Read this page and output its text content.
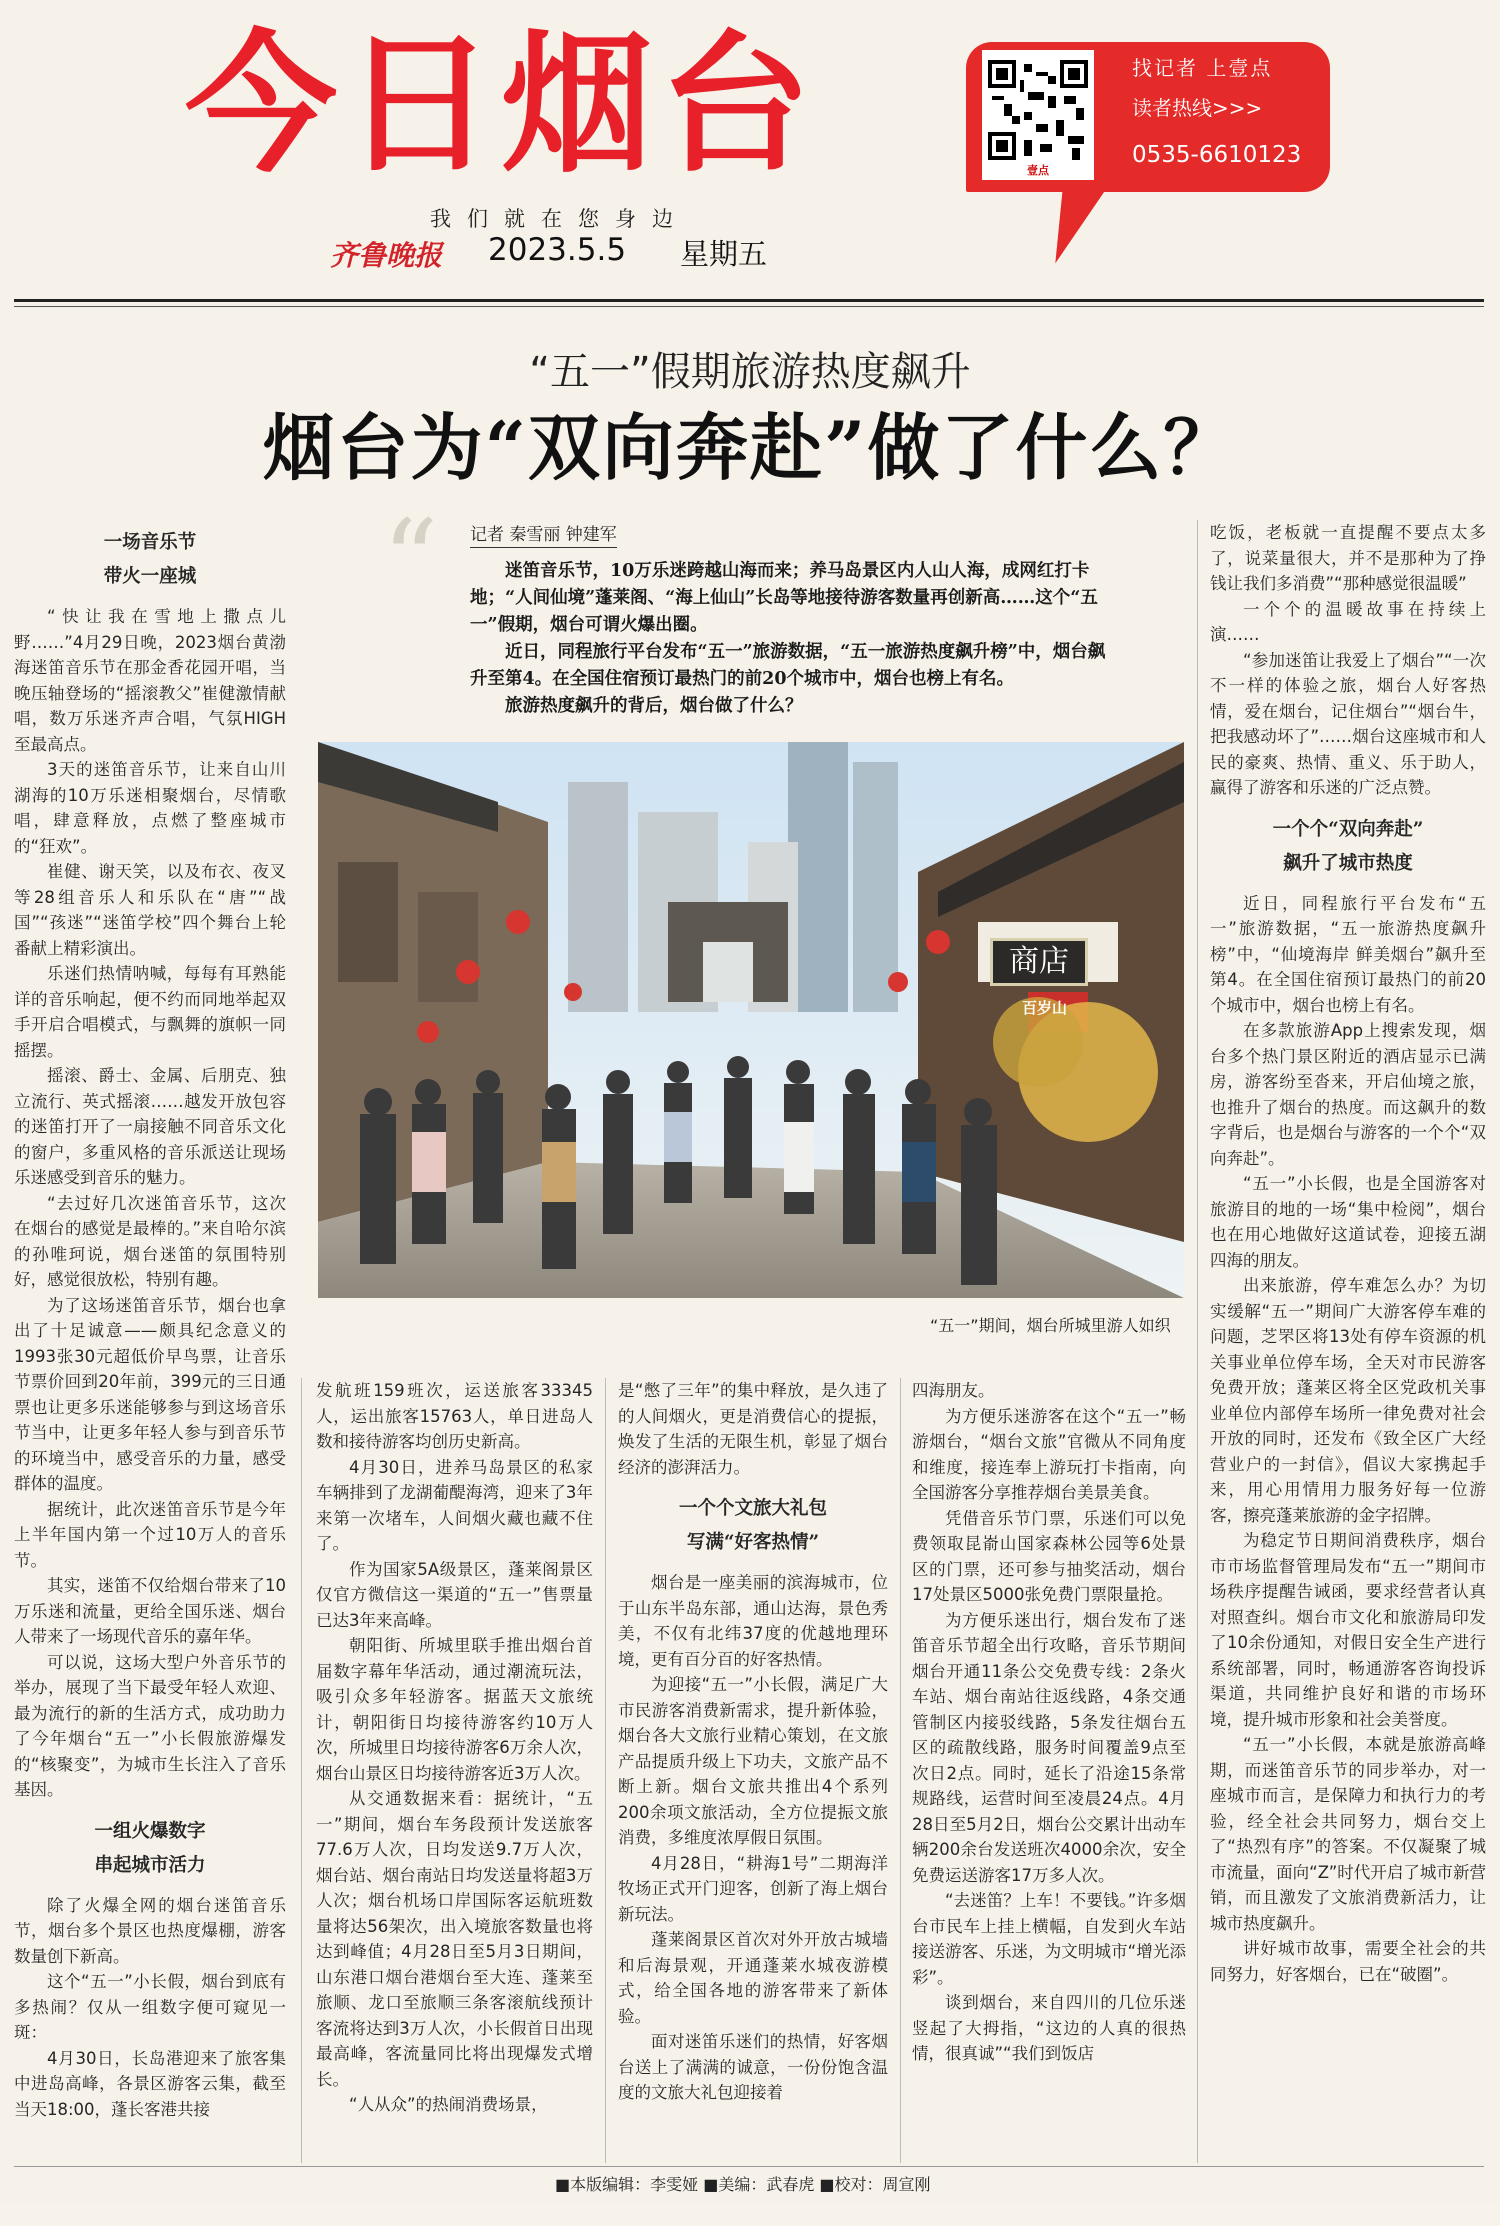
今日烟台
我们就在您身边
齐鲁晚报 2023.5.5 星期五
壹点
找记者 上壹点
读者热线>>>
0535-6610123
“五一”假期旅游热度飙升
烟台为“双向奔赴”做了什么？
“ 记者 秦雪丽 钟建军

迷笛音乐节，10万乐迷跨越山海而来；养马岛景区内人山人海，成网红打卡地；“人间仙境”蓬莱阁、“海上仙山”长岛等地接待游客数量再创新高……这个“五一”假期，烟台可谓火爆出圈。

近日，同程旅行平台发布“五一”旅游数据，“五一旅游热度飙升榜”中，烟台飙升至第4。在全国住宿预订最热门的前20个城市中，烟台也榜上有名。

旅游热度飙升的背后，烟台做了什么？

商店
百岁山
“五一”期间，烟台所城里游人如织

一场音乐节

带火一座城

“快让我在雪地上撒点儿野……”4月29日晚，2023烟台黄渤海迷笛音乐节在那金香花园开唱，当晚压轴登场的“摇滚教父”崔健激情献唱，数万乐迷齐声合唱，气氛HIGH至最高点。

3天的迷笛音乐节，让来自山川湖海的10万乐迷相聚烟台，尽情歌唱，肆意释放，点燃了整座城市的“狂欢”。

崔健、谢天笑，以及布衣、夜叉等28组音乐人和乐队在“唐”“战国”“孩迷”“迷笛学校”四个舞台上轮番献上精彩演出。

乐迷们热情呐喊，每每有耳熟能详的音乐响起，便不约而同地举起双手开启合唱模式，与飘舞的旗帜一同摇摆。

摇滚、爵士、金属、后朋克、独立流行、英式摇滚……越发开放包容的迷笛打开了一扇接触不同音乐文化的窗户，多重风格的音乐派送让现场乐迷感受到音乐的魅力。

“去过好几次迷笛音乐节，这次在烟台的感觉是最棒的。”来自哈尔滨的孙唯珂说，烟台迷笛的氛围特别好，感觉很放松，特别有趣。

为了这场迷笛音乐节，烟台也拿出了十足诚意——颇具纪念意义的1993张30元超低价早鸟票，让音乐节票价回到20年前，399元的三日通票也让更多乐迷能够参与到这场音乐节当中，让更多年轻人参与到音乐节的环境当中，感受音乐的力量，感受群体的温度。

据统计，此次迷笛音乐节是今年上半年国内第一个过10万人的音乐节。

其实，迷笛不仅给烟台带来了10万乐迷和流量，更给全国乐迷、烟台人带来了一场现代音乐的嘉年华。

可以说，这场大型户外音乐节的举办，展现了当下最受年轻人欢迎、最为流行的新的生活方式，成功助力了今年烟台“五一”小长假旅游爆发的“核聚变”，为城市生长注入了音乐基因。

一组火爆数字

串起城市活力

除了火爆全网的烟台迷笛音乐节，烟台多个景区也热度爆棚，游客数量创下新高。

这个“五一”小长假，烟台到底有多热闹？仅从一组数字便可窥见一斑：

4月30日，长岛港迎来了旅客集中进岛高峰，各景区游客云集，截至当天18:00，蓬长客港共接

发航班159班次，运送旅客33345人，运出旅客15763人，单日进岛人数和接待游客均创历史新高。

4月30日，进养马岛景区的私家车辆排到了龙湖葡醍海湾，迎来了3年来第一次堵车，人间烟火藏也藏不住了。

作为国家5A级景区，蓬莱阁景区仅官方微信这一渠道的“五一”售票量已达3年来高峰。

朝阳街、所城里联手推出烟台首届数字幕年华活动，通过潮流玩法，吸引众多年轻游客。据蓝天文旅统计，朝阳街日均接待游客约10万人次，所城里日均接待游客6万余人次，烟台山景区日均接待游客近3万人次。

从交通数据来看：据统计，“五一”期间，烟台车务段预计发送旅客77.6万人次，日均发送9.7万人次，烟台站、烟台南站日均发送量将超3万人次；烟台机场口岸国际客运航班数量将达56架次，出入境旅客数量也将达到峰值；4月28日至5月3日期间，山东港口烟台港烟台至大连、蓬莱至旅顺、龙口至旅顺三条客滚航线预计客流将达到3万人次，小长假首日出现最高峰，客流量同比将出现爆发式增长。

“人从众”的热闹消费场景，

是“憋了三年”的集中释放，是久违了的人间烟火，更是消费信心的提振，焕发了生活的无限生机，彰显了烟台经济的澎湃活力。

一个个文旅大礼包

写满“好客热情”

烟台是一座美丽的滨海城市，位于山东半岛东部，通山达海，景色秀美，不仅有北纬37度的优越地理环境，更有百分百的好客热情。

为迎接“五一”小长假，满足广大市民游客消费新需求，提升新体验，烟台各大文旅行业精心策划，在文旅产品提质升级上下功夫，文旅产品不断上新。烟台文旅共推出4个系列200余项文旅活动，全方位提振文旅消费，多维度浓厚假日氛围。

4月28日，“耕海1号”二期海洋牧场正式开门迎客，创新了海上烟台新玩法。

蓬莱阁景区首次对外开放古城墙和后海景观，开通蓬莱水城夜游模式，给全国各地的游客带来了新体验。

面对迷笛乐迷们的热情，好客烟台送上了满满的诚意，一份份饱含温度的文旅大礼包迎接着

四海朋友。

为方便乐迷游客在这个“五一”畅游烟台，“烟台文旅”官微从不同角度和维度，接连奉上游玩打卡指南，向全国游客分享推荐烟台美景美食。

凭借音乐节门票，乐迷们可以免费领取昆嵛山国家森林公园等6处景区的门票，还可参与抽奖活动，烟台17处景区5000张免费门票限量抢。

为方便乐迷出行，烟台发布了迷笛音乐节超全出行攻略，音乐节期间烟台开通11条公交免费专线：2条火车站、烟台南站往返线路，4条交通管制区内接驳线路，5条发往烟台五区的疏散线路，服务时间覆盖9点至次日2点。同时，延长了沿途15条常规路线，运营时间至凌晨24点。4月28日至5月2日，烟台公交累计出动车辆200余台发送班次4000余次，安全免费运送游客17万多人次。

“去迷笛？上车！不要钱。”许多烟台市民车上挂上横幅，自发到火车站接送游客、乐迷，为文明城市“增光添彩”。

谈到烟台，来自四川的几位乐迷竖起了大拇指，“这边的人真的很热情，很真诚”“我们到饭店

吃饭，老板就一直提醒不要点太多了，说菜量很大，并不是那种为了挣钱让我们多消费”“那种感觉很温暖”

一个个的温暖故事在持续上演……

“参加迷笛让我爱上了烟台”“一次不一样的体验之旅，烟台人好客热情，爱在烟台，记住烟台”“烟台牛，把我感动坏了”……烟台这座城市和人民的豪爽、热情、重义、乐于助人，赢得了游客和乐迷的广泛点赞。

一个个“双向奔赴”

飙升了城市热度

近日，同程旅行平台发布“五一”旅游数据，“五一旅游热度飙升榜”中，“仙境海岸 鲜美烟台”飙升至第4。在全国住宿预订最热门的前20个城市中，烟台也榜上有名。

在多款旅游App上搜索发现，烟台多个热门景区附近的酒店显示已满房，游客纷至沓来，开启仙境之旅，也推升了烟台的热度。而这飙升的数字背后，也是烟台与游客的一个个“双向奔赴”。

“五一”小长假，也是全国游客对旅游目的地的一场“集中检阅”，烟台也在用心地做好这道试卷，迎接五湖四海的朋友。

出来旅游，停车难怎么办？为切实缓解“五一”期间广大游客停车难的问题，芝罘区将13处有停车资源的机关事业单位停车场，全天对市民游客免费开放；蓬莱区将全区党政机关事业单位内部停车场所一律免费对社会开放的同时，还发布《致全区广大经营业户的一封信》，倡议大家携起手来，用心用情用力服务好每一位游客，擦亮蓬莱旅游的金字招牌。

为稳定节日期间消费秩序，烟台市市场监督管理局发布“五一”期间市场秩序提醒告诫函，要求经营者认真对照查纠。烟台市文化和旅游局印发了10余份通知，对假日安全生产进行系统部署，同时，畅通游客咨询投诉渠道，共同维护良好和谐的市场环境，提升城市形象和社会美誉度。

“五一”小长假，本就是旅游高峰期，而迷笛音乐节的同步举办，对一座城市而言，是保障力和执行力的考验，经全社会共同努力，烟台交上了“热烈有序”的答案。不仅凝聚了城市流量，面向“Z”时代开启了城市新营销，而且激发了文旅消费新活力，让城市热度飙升。

讲好城市故事，需要全社会的共同努力，好客烟台，已在“破圈”。

■本版编辑：李雯娅 ■美编：武春虎 ■校对：周宣刚
